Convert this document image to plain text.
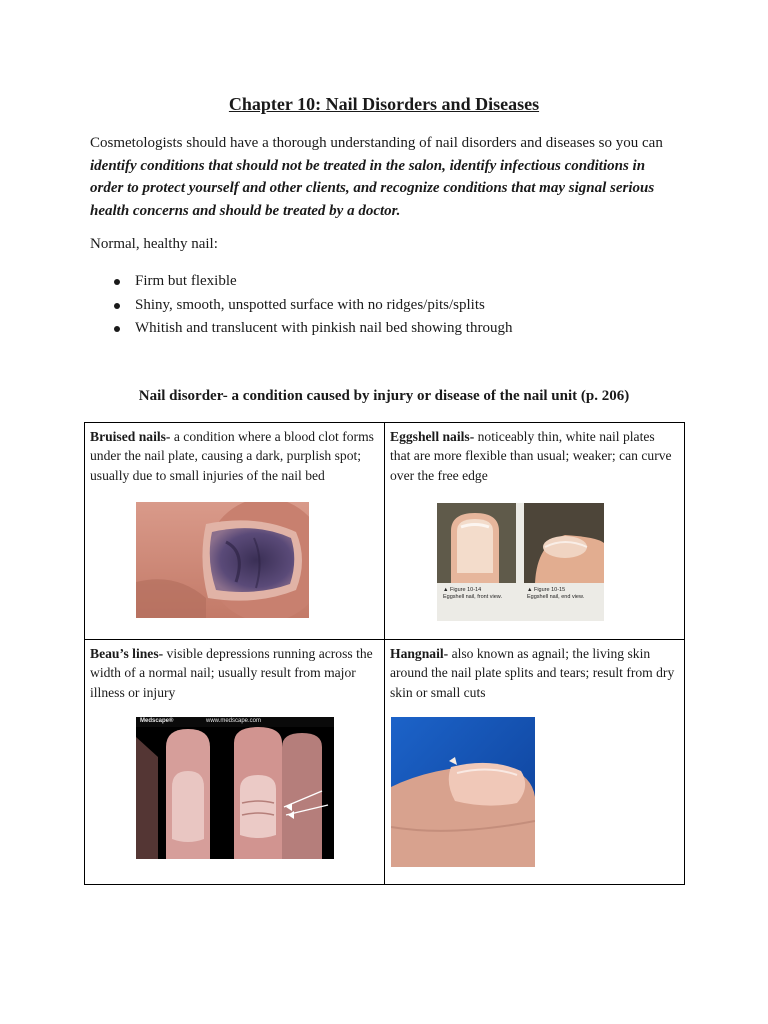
Chapter 10: Nail Disorders and Diseases

Cosmetologists should have a thorough understanding of nail disorders and diseases so you can identify conditions that should not be treated in the salon, identify infectious conditions in order to protect yourself and other clients, and recognize conditions that may signal serious health concerns and should be treated by a doctor.

Normal, healthy nail:

Firm but flexible
Shiny, smooth, unspotted surface with no ridges/pits/splits
Whitish and translucent with pinkish nail bed showing through

Nail disorder- a condition caused by injury or disease of the nail unit (p. 206)

Bruised nails- a condition where a blood clot forms under the nail plate, causing a dark, purplish spot; usually due to small injuries of the nail bed

Eggshell nails- noticeably thin, white nail plates that are more flexible than usual; weaker; can curve over the free edge

▲ Figure 10-14
Eggshell nail, front view.
▲ Figure 10-15
Eggshell nail, end view.

Beau’s lines- visible depressions running across the width of a normal nail; usually result from major illness or injury

Medscape®	www.medscape.com

Hangnail- also known as agnail; the living skin around the nail plate splits and tears; result from dry skin or small cuts
